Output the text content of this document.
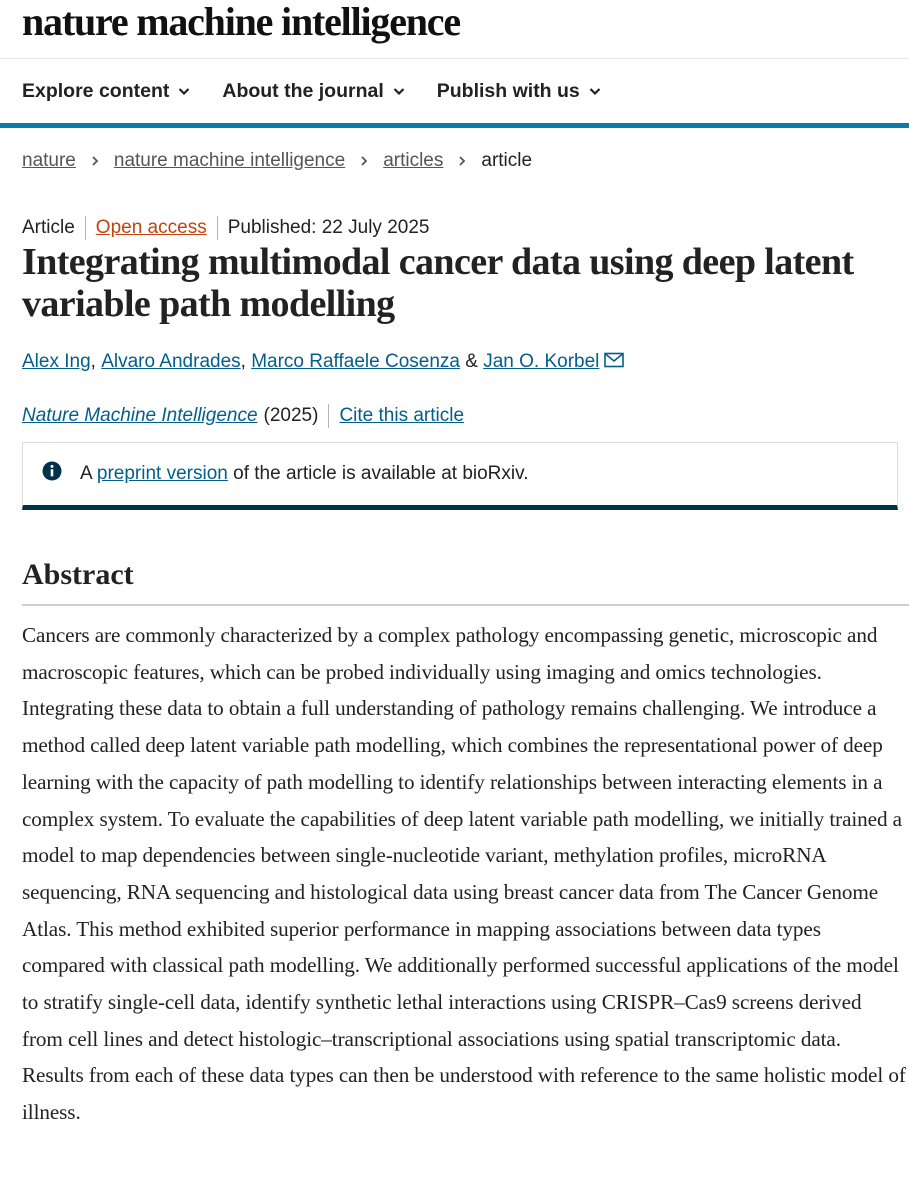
nature machine intelligence
Explore content	About the journal	Publish with us
nature nature machine intelligence articles article
Article Open access Published: 22 July 2025
Integrating multimodal cancer data using deep latent variable path modelling
Alex Ing , Alvaro Andrades , Marco Raffaele Cosenza & Jan O. Korbel
Nature Machine Intelligence (2025) Cite this article
A preprint version of the article is available at bioRxiv.
Abstract

Cancers are commonly characterized by a complex pathology encompassing genetic, microscopic and macroscopic features, which can be probed individually using imaging and omics technologies. Integrating these data to obtain a full understanding of pathology remains challenging. We introduce a method called deep latent variable path modelling, which combines the representational power of deep learning with the capacity of path modelling to identify relationships between interacting elements in a complex system. To evaluate the capabilities of deep latent variable path modelling, we initially trained a model to map dependencies between single-nucleotide variant, methylation profiles, microRNA sequencing, RNA sequencing and histological data using breast cancer data from The Cancer Genome Atlas. This method exhibited superior performance in mapping associations between data types compared with classical path modelling. We additionally performed successful applications of the model to stratify single-cell data, identify synthetic lethal interactions using CRISPR–Cas9 screens derived from cell lines and detect histologic–transcriptional associations using spatial transcriptomic data. Results from each of these data types can then be understood with reference to the same holistic model of illness.
